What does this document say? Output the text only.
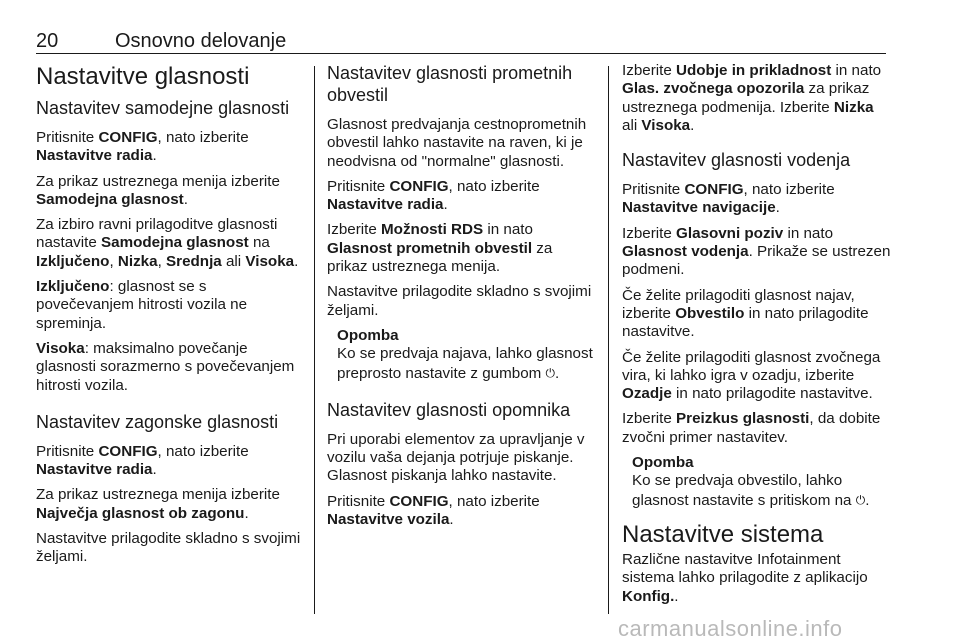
20	Osnovno delovanje
Nastavitve glasnosti
Nastavitev samodejne glasnosti

Pritisnite CONFIG, nato izberite Nastavitve radia.

Za prikaz ustreznega menija izberite Samodejna glasnost.

Za izbiro ravni prilagoditve glasnosti nastavite Samodejna glasnost na Izključeno, Nizka, Srednja ali Visoka.

Izključeno: glasnost se s povečevanjem hitrosti vozila ne spreminja.

Visoka: maksimalno povečanje glasnosti sorazmerno s povečevanjem hitrosti vozila.

Nastavitev zagonske glasnosti

Pritisnite CONFIG, nato izberite Nastavitve radia.

Za prikaz ustreznega menija izberite Največja glasnost ob zagonu.

Nastavitve prilagodite skladno s svojimi željami.

Nastavitev glasnosti prometnih obvestil

Glasnost predvajanja cestnoprometnih obvestil lahko nastavite na raven, ki je neodvisna od "normalne" glasnosti.

Pritisnite CONFIG, nato izberite Nastavitve radia.

Izberite Možnosti RDS in nato Glasnost prometnih obvestil za prikaz ustreznega menija.

Nastavitve prilagodite skladno s svojimi željami.

Opomba
Ko se predvaja najava, lahko glasnost preprosto nastavite z gumbom ⏻.
Nastavitev glasnosti opomnika

Pri uporabi elementov za upravljanje v vozilu vaša dejanja potrjuje piskanje. Glasnost piskanja lahko nastavite.

Pritisnite CONFIG, nato izberite Nastavitve vozila.

Izberite Udobje in prikladnost in nato Glas. zvočnega opozorila za prikaz ustreznega podmenija. Izberite Nizka ali Visoka.

Nastavitev glasnosti vodenja

Pritisnite CONFIG, nato izberite Nastavitve navigacije.

Izberite Glasovni poziv in nato Glasnost vodenja. Prikaže se ustrezen podmeni.

Če želite prilagoditi glasnost najav, izberite Obvestilo in nato prilagodite nastavitve.

Če želite prilagoditi glasnost zvočnega vira, ki lahko igra v ozadju, izberite Ozadje in nato prilagodite nastavitve.

Izberite Preizkus glasnosti, da dobite zvočni primer nastavitev.

Opomba
Ko se predvaja obvestilo, lahko glasnost nastavite s pritiskom na ⏻.
Nastavitve sistema

Različne nastavitve Infotainment sistema lahko prilagodite z aplikacijo Konfig..

carmanualsonline.info
